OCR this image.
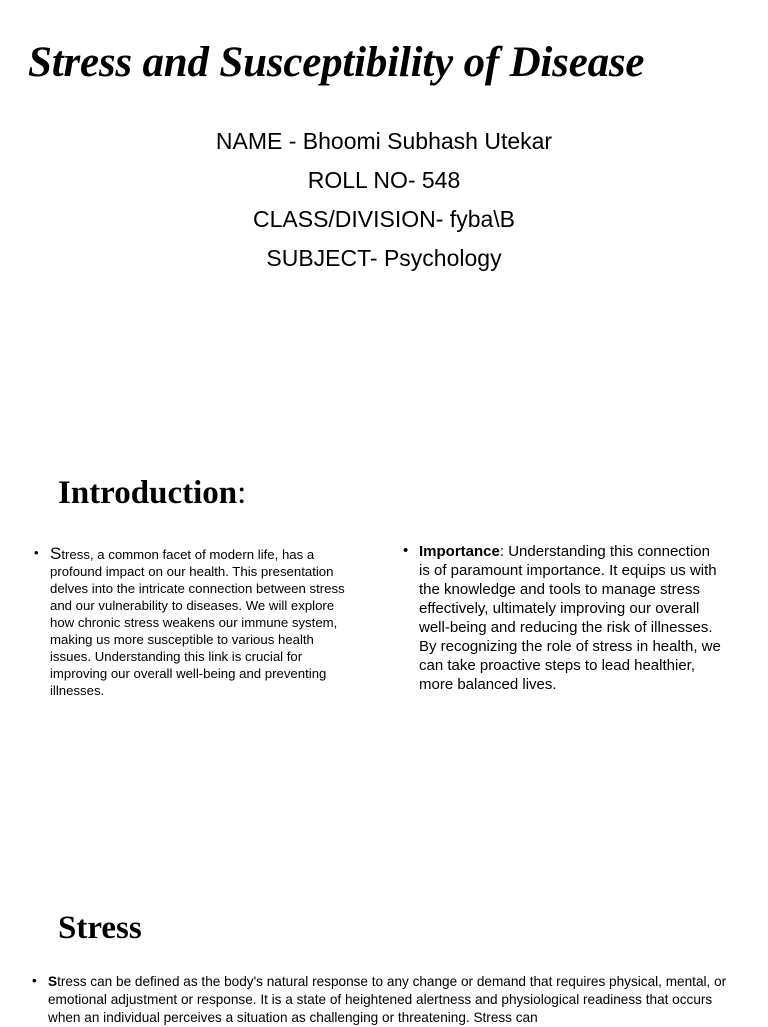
Stress and Susceptibility of Disease
NAME - Bhoomi Subhash Utekar
ROLL NO- 548
CLASS/DIVISION- fyba\B
SUBJECT- Psychology
Introduction:
• Stress, a common facet of modern life, has a profound impact on our health. This presentation delves into the intricate connection between stress and our vulnerability to diseases. We will explore how chronic stress weakens our immune system, making us more susceptible to various health issues. Understanding this link is crucial for improving our overall well-being and preventing illnesses.
• Importance: Understanding this connection is of paramount importance. It equips us with the knowledge and tools to manage stress effectively, ultimately improving our overall well-being and reducing the risk of illnesses. By recognizing the role of stress in health, we can take proactive steps to lead healthier, more balanced lives.
Stress
• Stress can be defined as the body's natural response to any change or demand that requires physical, mental, or emotional adjustment or response. It is a state of heightened alertness and physiological readiness that occurs when an individual perceives a situation as challenging or threatening. Stress can
